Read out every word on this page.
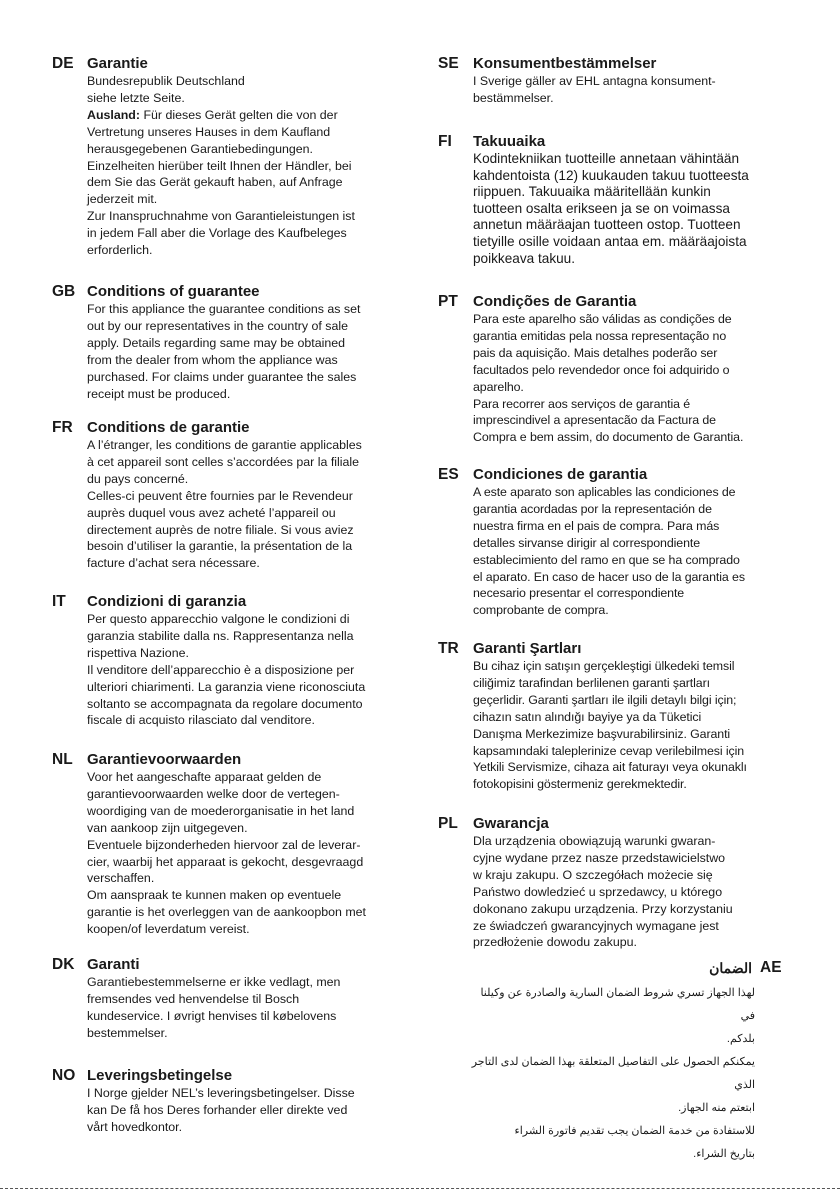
DE Garantie
Bundesrepublik Deutschland
siehe letzte Seite.
Ausland: Für dieses Gerät gelten die von der
Vertretung unseres Hauses in dem Kaufland
herausgegebenen Garantiebedingungen.
Einzelheiten hierüber teilt Ihnen der Händler, bei
dem Sie das Gerät gekauft haben, auf Anfrage
jederzeit mit.
Zur Inanspruchnahme von Garantieleistungen ist
in jedem Fall aber die Vorlage des Kaufbeleges
erforderlich.
GB Conditions of guarantee
For this appliance the guarantee conditions as set
out by our representatives in the country of sale
apply. Details regarding same may be obtained
from the dealer from whom the appliance was
purchased. For claims under guarantee the sales
receipt must be produced.
FR Conditions de garantie
A l’étranger, les conditions de garantie applicables
à cet appareil sont celles s’accordées par la filiale
du pays concerné.
Celles-ci peuvent être fournies par le Revendeur
auprès duquel vous avez acheté l’appareil ou
directement auprès de notre filiale. Si vous aviez
besoin d’utiliser la garantie, la présentation de la
facture d’achat sera nécessare.
IT Condizioni di garanzia
Per questo apparecchio valgone le condizioni di
garanzia stabilite dalla ns. Rappresentanza nella
rispettiva Nazione.
Il venditore dell’apparecchio è a disposizione per
ulteriori chiarimenti. La garanzia viene riconosciuta
soltanto se accompagnata da regolare documento
fiscale di acquisto rilasciato dal venditore.
NL Garantievoorwaarden
Voor het aangeschafte apparaat gelden de
garantievoorwaarden welke door de vertegen-
woordiging van de moederorganisatie in het land
van aankoop zijn uitgegeven.
Eventuele bijzonderheden hiervoor zal de leverar-
cier, waarbij het apparaat is gekocht, desgevraagd
verschaffen.
Om aanspraak te kunnen maken op eventuele
garantie is het overleggen van de aankoopbon met
koopen/of leverdatum vereist.
DK Garanti
Garantiebestemmelserne er ikke vedlagt, men
fremsendes ved henvendelse til Bosch
kundeservice. I øvrigt henvises til købelovens
bestemmelser.
NO Leveringsbetingelse
I Norge gjelder NEL’s leveringsbetingelser. Disse
kan De få hos Deres forhander eller direkte ved
vårt hovedkontor.
SE Konsumentbestämmelser
I Sverige gäller av EHL antagna konsument-
bestämmelser.
FI Takuuaika
Kodintekniikan tuotteille annetaan vähintään
kahdentoista (12) kuukauden takuu tuotteesta
riippuen. Takuuaika määritellään kunkin
tuotteen osalta erikseen ja se on voimassa
annetun määräajan tuotteen ostop. Tuotteen
tietyille osille voidaan antaa em. määräajoista
poikkeava takuu.
PT Condições de Garantia
Para este aparelho são válidas as condições de
garantia emitidas pela nossa representação no
pais da aquisição. Mais detalhes poderão ser
facultados pelo revendedor once foi adquirido o
aparelho.
Para recorrer aos serviços de garantia é
imprescindivel a apresentacão da Factura de
Compra e bem assim, do documento de Garantia.
ES Condiciones de garantia
A este aparato son aplicables las condiciones de
garantia acordadas por la representación de
nuestra firma en el pais de compra. Para más
detalles sirvanse dirigir al correspondiente
establecimiento del ramo en que se ha comprado
el aparato. En caso de hacer uso de la garantia es
necesario presentar el correspondiente
comprobante de compra.
TR Garanti Şartları
Bu cihaz için satışın gerçekleştigi ülkedeki temsil
ciliğimiz tarafindan berlilenen garanti şartları
geçerlidir. Garanti şartları ile ilgili detaylı bilgi için;
cihazın satın alındığı bayiye ya da Tüketici
Danışma Merkezimize başvurabilirsiniz. Garanti
kapsamındaki taleplerinize cevap verilebilmesi için
Yetkili Servismize, cihaza ait faturayı veya okunaklı
fotokopisini göstermeniz gerekmektedir.
PL Gwarancja
Dla urządzenia obowiązują warunki gwaran-
cyjne wydane przez nasze przedstawicielstwo
w kraju zakupu. O szczegółach możecie się
Państwo dowledzieć u sprzedawcy, u którego
dokonano zakupu urządzenia. Przy korzystaniu
ze świadczeń gwarancyjnych wymagane jest
przedłożenie dowodu zakupu.
الضمان AE
لهذا الجهاز تسري شروط الضمان السارية والصادرة عن وكيلنا في
بلدكم.
يمكنكم الحصول على التفاصيل المتعلقة بهذا الضمان لدى التاجر الذي
ابتعتم منه الجهاز.
للاستفادة من خدمة الضمان يجب تقديم فاتورة الشراء
بتاريخ الشراء.
